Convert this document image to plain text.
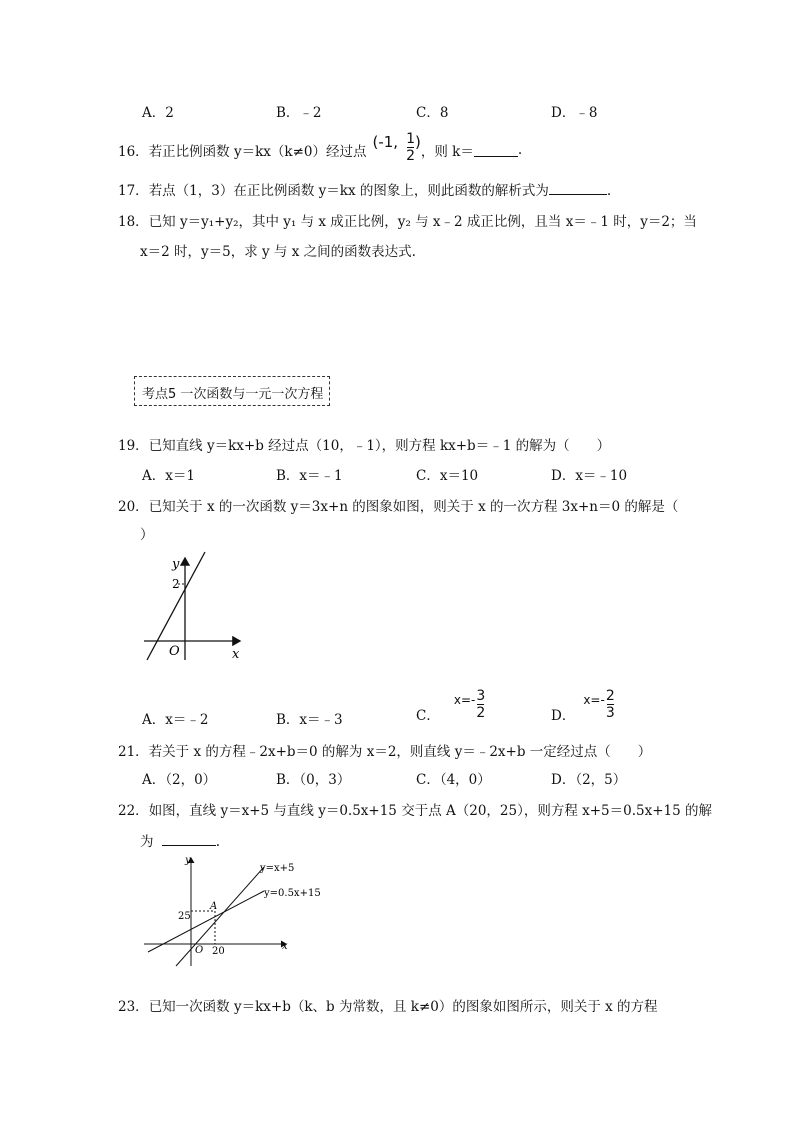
A．2	B．﹣2	C．8	D．﹣8
16． 若正比例函数 y＝kx（k≠0）经过点
(-1, $\frac{1}{2}$ )
，则 k＝	.
17．若点（1，3）在正比例函数 y＝kx 的图象上，则此函数的解析式为	.
18．已知 y＝y₁+y₂，其中 y₁ 与 x 成正比例，y₂ 与 x﹣2 成正比例，且当 x＝﹣1 时，y＝2；当
x＝2 时，y＝5，求 y 与 x 之间的函数表达式.
考点5 一次函数与一元一次方程
19．已知直线 y＝kx+b 经过点（10，﹣1），则方程 kx+b＝﹣1 的解为（　　）
A．x＝1	B．x＝﹣1	C．x＝10	D．x＝﹣10
20．已知关于 x 的一次函数 y＝3x+n 的图象如图，则关于 x 的一次方程 3x+n＝0 的解是（
）
y
x
O
2
A．x＝﹣2	B．x＝﹣3	C．
$x=- \frac{3}{2}$	D．
$x=- \frac{2}{3}$
21．若关于 x 的方程﹣2x+b＝0 的解为 x＝2，则直线 y＝﹣2x+b 一定经过点（　　）
A．（2，0）	B．（0，3）	C．（4，0）	D．（2，5）
22．如图，直线 y＝x+5 与直线 y＝0.5x+15 交于点 A（20，25），则方程 x+5＝0.5x+15 的解
为	.
y
x
O 20
25
A
y=x+5
y=0.5x+15
23．已知一次函数 y＝kx+b（k、b 为常数，且 k≠0）的图象如图所示，则关于 x 的方程
